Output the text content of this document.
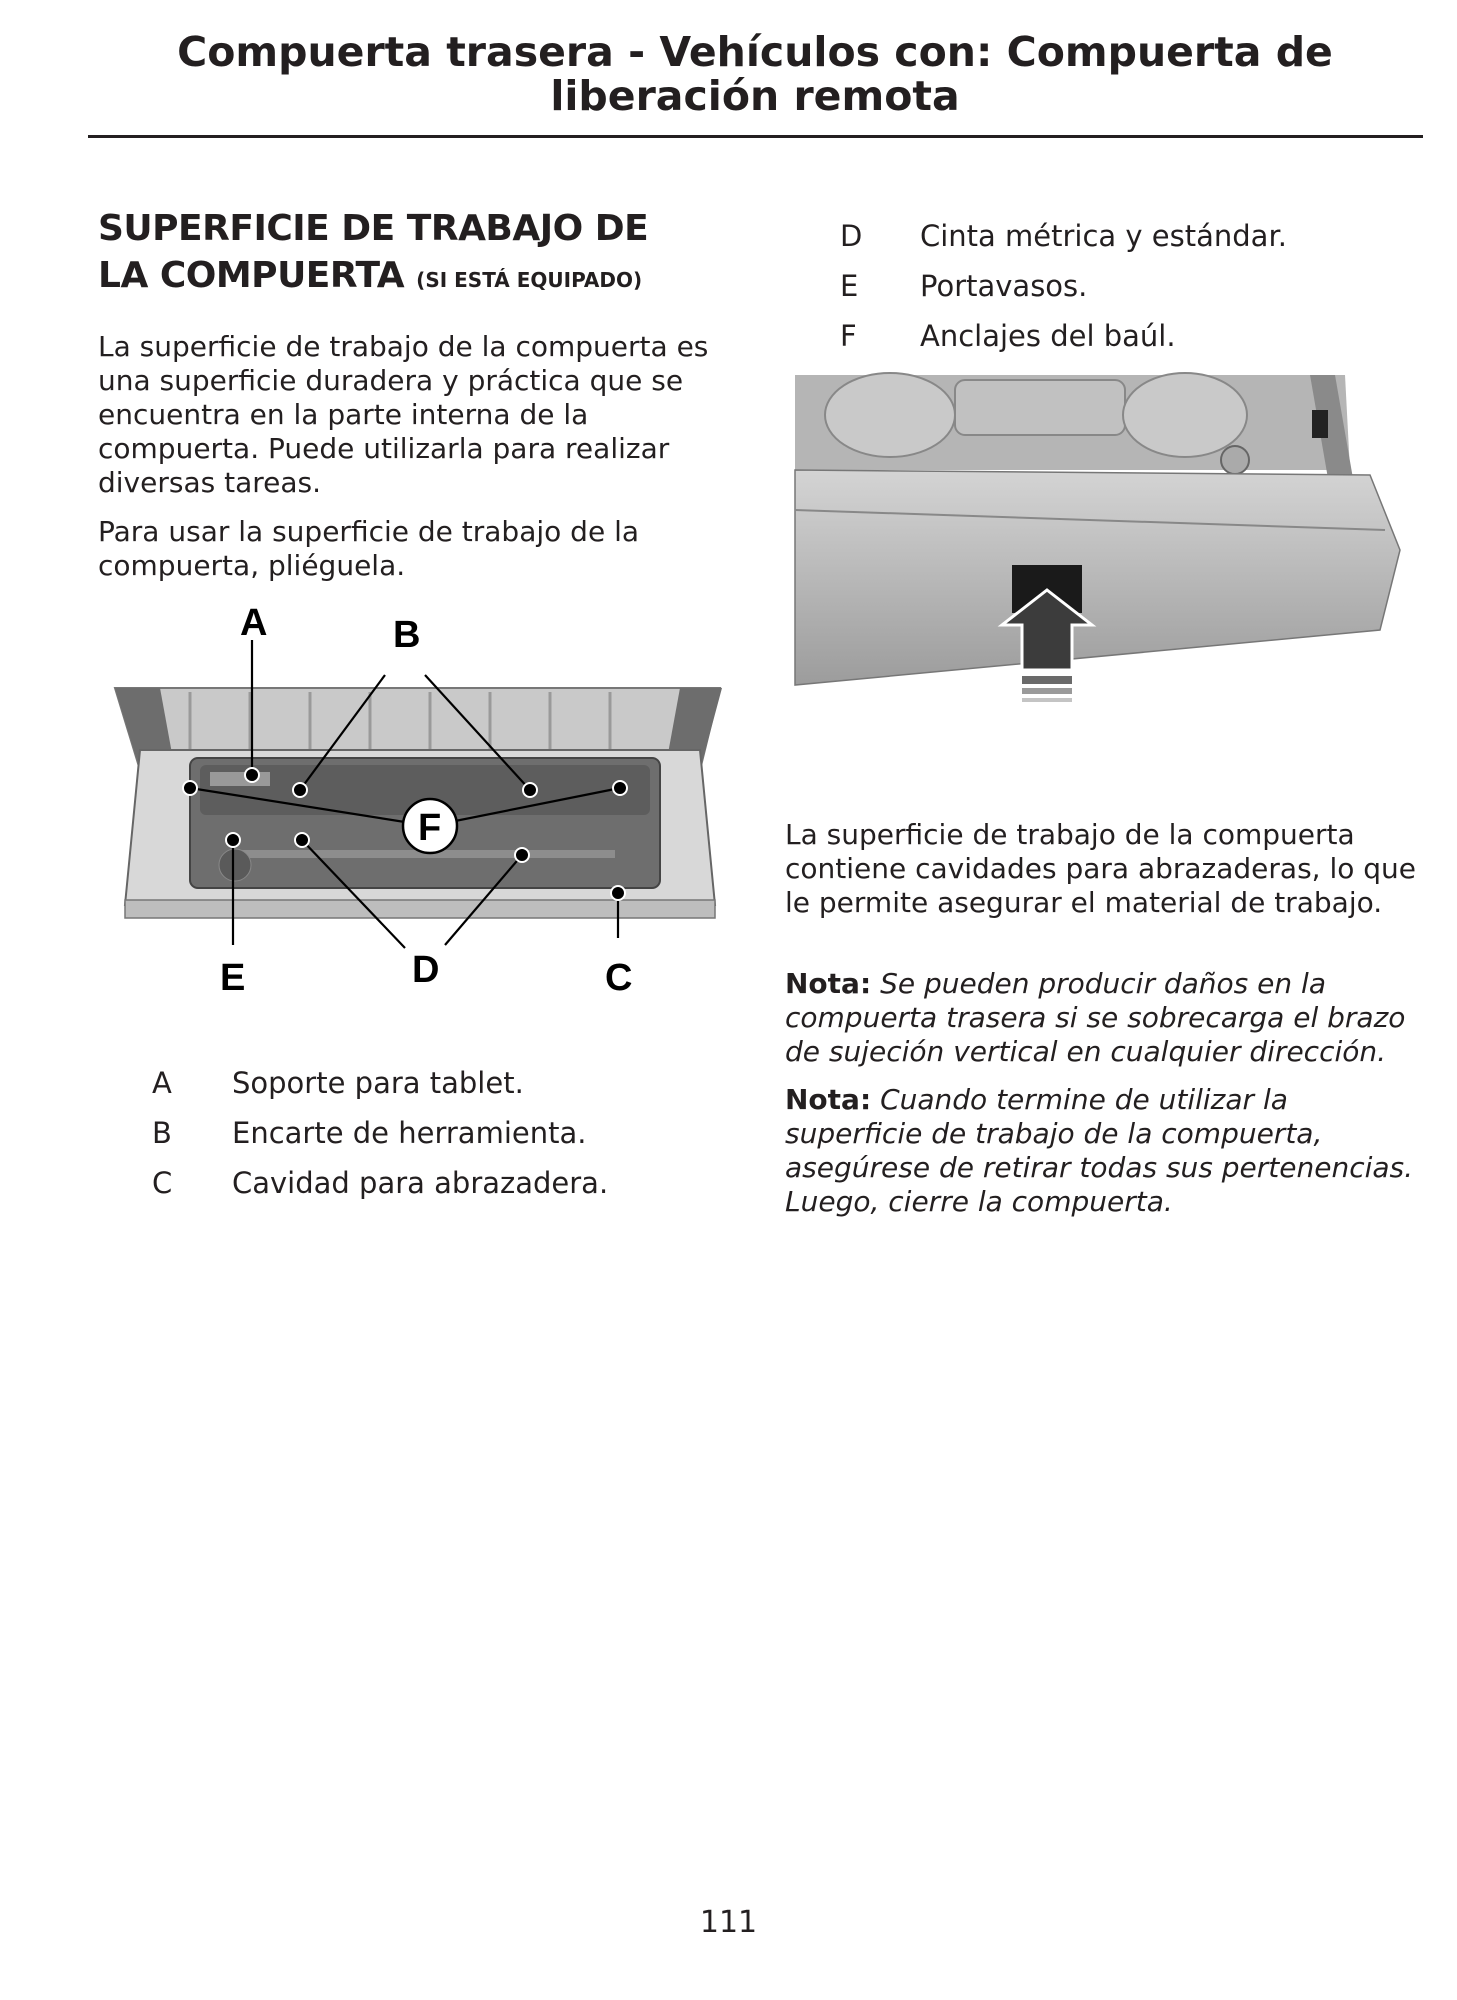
Compuerta trasera - Vehículos con: Compuerta de
liberación remota
SUPERFICIE DE TRABAJO DE
LA COMPUERTA (SI ESTÁ EQUIPADO)

La superficie de trabajo de la compuerta es una superficie duradera y práctica que se encuentra en la parte interna de la compuerta. Puede utilizarla para realizar diversas tareas.

Para usar la superficie de trabajo de la compuerta, pliéguela.

A	B
F
E	D	C
A	Soporte para tablet.
B	Encarte de herramienta.
C	Cavidad para abrazadera.
D	Cinta métrica y estándar.
E	Portavasos.
F	Anclajes del baúl.

La superficie de trabajo de la compuerta contiene cavidades para abrazaderas, lo que le permite asegurar el material de trabajo.

Nota: Se pueden producir daños en la compuerta trasera si se sobrecarga el brazo de sujeción vertical en cualquier dirección.

Nota: Cuando termine de utilizar la superficie de trabajo de la compuerta, asegúrese de retirar todas sus pertenencias. Luego, cierre la compuerta.

111
